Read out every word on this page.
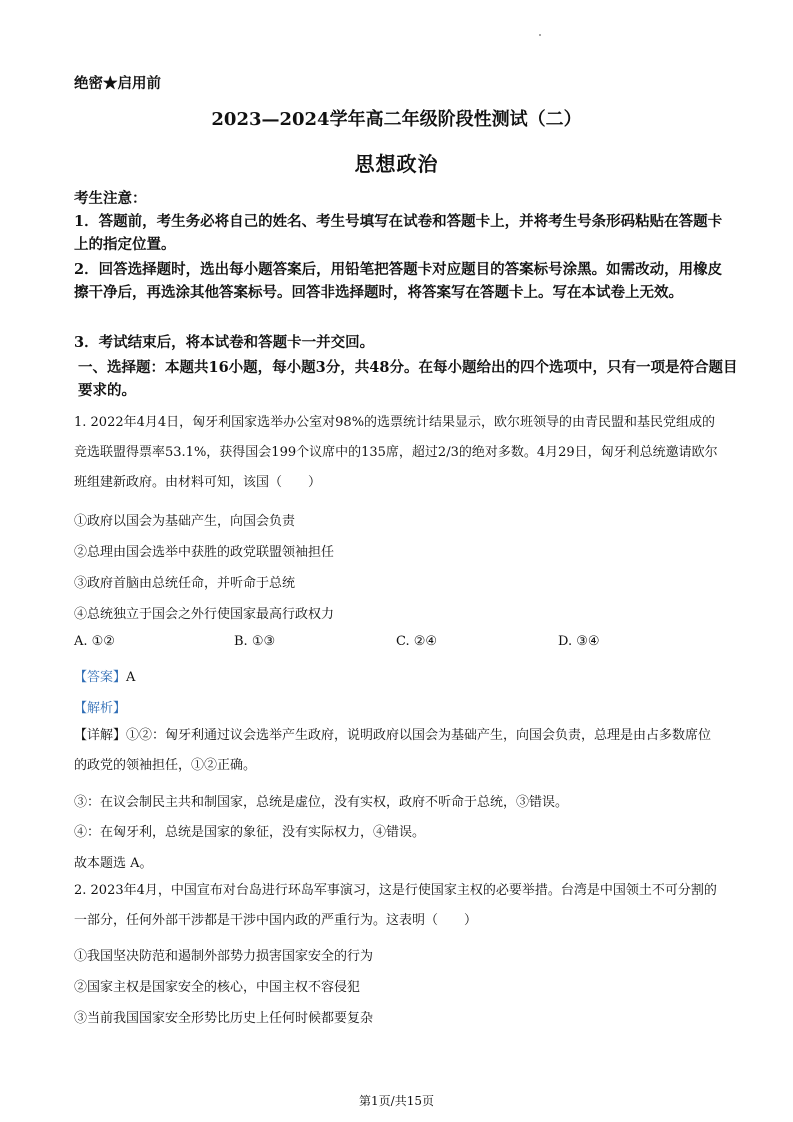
绝密★启用前
2023—2024学年高二年级阶段性测试（二）
思想政治
考生注意：
1．答题前，考生务必将自己的姓名、考生号填写在试卷和答题卡上，并将考生号条形码粘贴在答题卡上的指定位置。
2．回答选择题时，选出每小题答案后，用铅笔把答题卡对应题目的答案标号涂黑。如需改动，用橡皮擦干净后，再选涂其他答案标号。回答非选择题时，将答案写在答题卡上。写在本试卷上无效。
3．考试结束后，将本试卷和答题卡一并交回。
一、选择题：本题共16小题，每小题3分，共48分。在每小题给出的四个选项中，只有一项是符合题目要求的。
1. 2022年4月4日，匈牙利国家选举办公室对98%的选票统计结果显示，欧尔班领导的由青民盟和基民党组成的竞选联盟得票率53.1%，获得国会199个议席中的135席，超过2/3的绝对多数。4月29日，匈牙利总统邀请欧尔班组建新政府。由材料可知，该国（　　）
①政府以国会为基础产生，向国会负责
②总理由国会选举中获胜的政党联盟领袖担任
③政府首脑由总统任命，并听命于总统
④总统独立于国会之外行使国家最高行政权力
A. ①②	B. ①③	C. ②④	D. ③④
【答案】A
【解析】
【详解】①②：匈牙利通过议会选举产生政府，说明政府以国会为基础产生，向国会负责，总理是由占多数席位的政党的领袖担任，①②正确。
③：在议会制民主共和制国家，总统是虚位，没有实权，政府不听命于总统，③错误。
④：在匈牙利，总统是国家的象征，没有实际权力，④错误。
故本题选 A。
2. 2023年4月，中国宣布对台岛进行环岛军事演习，这是行使国家主权的必要举措。台湾是中国领土不可分割的一部分，任何外部干涉都是干涉中国内政的严重行为。这表明（　　）
①我国坚决防范和遏制外部势力损害国家安全的行为
②国家主权是国家安全的核心，中国主权不容侵犯
③当前我国国家安全形势比历史上任何时候都要复杂
第1页/共15页
